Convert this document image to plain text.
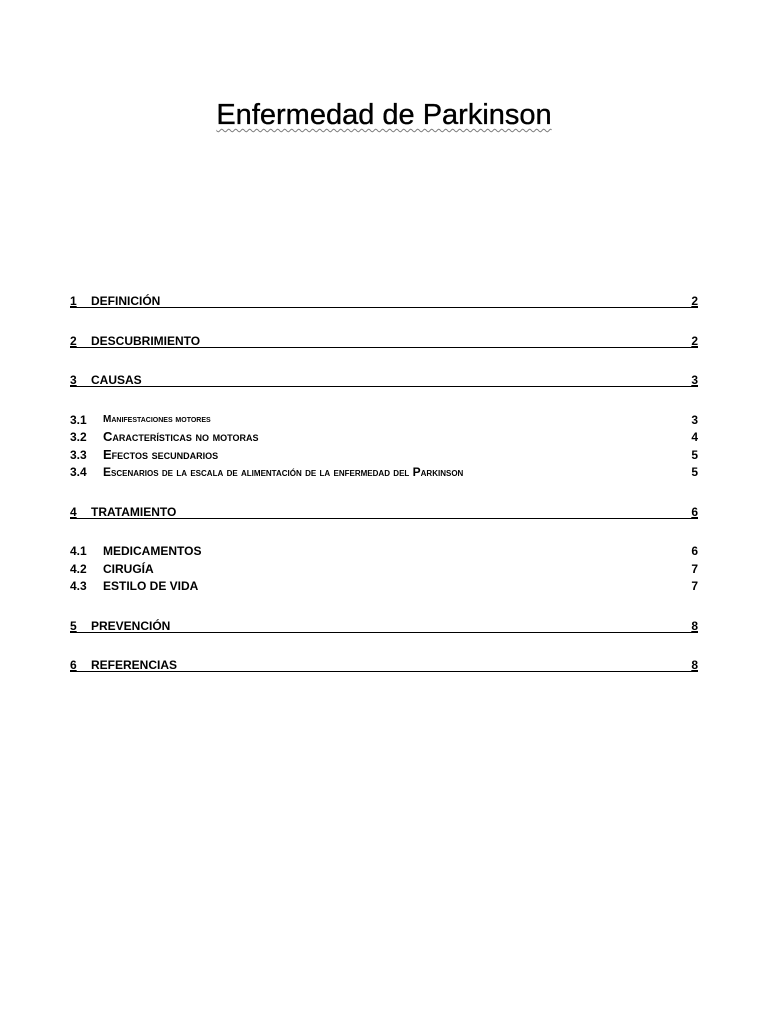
Enfermedad de Parkinson
1 DEFINICIÓN	2
2 DESCUBRIMIENTO	2
3 CAUSAS	3
3.1 Manifestaciones motores	3
3.2 Características no motoras	4
3.3 Efectos secundarios	5
3.4 Escenarios de la escala de alimentación de la enfermedad del Parkinson	5
4 TRATAMIENTO	6
4.1 MEDICAMENTOS	6
4.2 CIRUGÍA	7
4.3 ESTILO DE VIDA	7
5 PREVENCIÓN	8
6 REFERENCIAS	8
